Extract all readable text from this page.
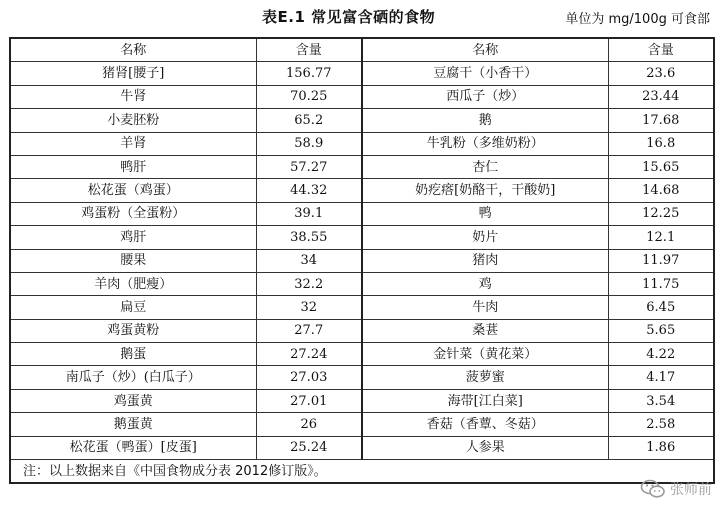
表E.1 常见富含硒的食物	单位为 mg/100g 可食部
名称	含量	名称	含量
猪肾[腰子]	156.77	豆腐干（小香干）	23.6
牛肾	70.25	西瓜子（炒）	23.44
小麦胚粉	65.2	鹅	17.68
羊肾	58.9	牛乳粉（多维奶粉）	16.8
鸭肝	57.27	杏仁	15.65
松花蛋（鸡蛋）	44.32	奶疙瘩[奶酪干，干酸奶]	14.68
鸡蛋粉（全蛋粉）	39.1	鸭	12.25
鸡肝	38.55	奶片	12.1
腰果	34	猪肉	11.97
羊肉（肥瘦）	32.2	鸡	11.75
扁豆	32	牛肉	6.45
鸡蛋黄粉	27.7	桑葚	5.65
鹅蛋	27.24	金针菜（黄花菜）	4.22
南瓜子（炒）(白瓜子）	27.03	菠萝蜜	4.17
鸡蛋黄	27.01	海带[江白菜]	3.54
鹅蛋黄	26	香菇（香蕈、冬菇）	2.58
松花蛋（鸭蛋）[皮蛋]	25.24	人参果	1.86
注：以上数据来自《中国食物成分表 2012修订版》。			
张师前
